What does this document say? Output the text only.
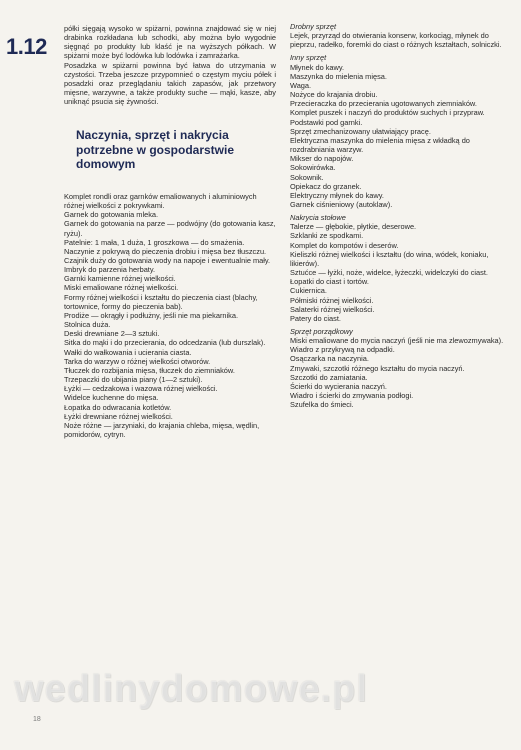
1.12

półki sięgają wysoko w spiżarni, powinna znajdować się w niej drabinka rozkładana lub schodki, aby można było wygodnie sięgnąć po produkty lub klaść je na wyższych półkach. W spiżarni może być lodówka lub lodówka i zamrażarka.

Posadzka w spiżarni powinna być łatwa do utrzymania w czystości. Trzeba jeszcze przypomnieć o częstym myciu półek i posadzki oraz przeglądaniu takich zapasów, jak przetwory mięsne, warzywne, a także produkty suche — mąki, kasze, aby uniknąć psucia się żywności.

Naczynia, sprzęt i nakrycia potrzebne w gospodarstwie domowym

Komplet rondli oraz garnków emaliowanych i aluminiowych różnej wielkości z pokrywkami.

Garnek do gotowania mleka.

Garnek do gotowania na parze — podwójny (do gotowania kasz, ryżu).

Patelnie: 1 mała, 1 duża, 1 groszkowa — do smażenia.

Naczynie z pokrywą do pieczenia drobiu i mięsa bez tłuszczu.

Czajnik duży do gotowania wody na napoje i ewentualnie mały.

Imbryk do parzenia herbaty.

Garnki kamienne różnej wielkości.

Miski emaliowane różnej wielkości.

Formy różnej wielkości i kształtu do pieczenia ciast (blachy, tortownice, formy do pieczenia bab).

Prodiże — okrągły i podłużny, jeśli nie ma piekarnika.

Stolnica duża.

Deski drewniane 2—3 sztuki.

Sitka do mąki i do przecierania, do odcedzania (lub durszlak).

Wałki do wałkowania i ucierania ciasta.

Tarka do warzyw o różnej wielkości otworów.

Tłuczek do rozbijania mięsa, tłuczek do ziemniaków.

Trzepaczki do ubijania piany (1—2 sztuki).

Łyżki — cedzakowa i wazowa różnej wielkości.

Widelce kuchenne do mięsa.

Łopatka do odwracania kotletów.

Łyżki drewniane różnej wielkości.

Noże różne — jarzyniaki, do krajania chleba, mięsa, wędlin, pomidorów, cytryn.

Drobny sprzęt

Lejek, przyrząd do otwierania konserw, korkociąg, młynek do pieprzu, radełko, foremki do ciast o różnych kształtach, solniczki.

Inny sprzęt

Młynek do kawy.

Maszynka do mielenia mięsa.

Waga.

Nożyce do krajania drobiu.

Przecieraczka do przecierania ugotowanych ziemniaków.

Komplet puszek i naczyń do produktów suchych i przypraw.

Podstawki pod garnki.

Sprzęt zmechanizowany ułatwiający pracę.

Elektryczna maszynka do mielenia mięsa z wkładką do rozdrabniania warzyw.

Mikser do napojów.

Sokowirówka.

Sokownik.

Opiekacz do grzanek.

Elektryczny młynek do kawy.

Garnek ciśnieniowy (autoklaw).

Nakrycia stołowe

Talerze — głębokie, płytkie, deserowe.

Szklanki ze spodkami.

Komplet do kompotów i deserów.

Kieliszki różnej wielkości i kształtu (do wina, wódek, koniaku, likierów).

Sztućce — łyżki, noże, widelce, łyżeczki, widelczyki do ciast.

Łopatki do ciast i tortów.

Cukiernica.

Półmiski różnej wielkości.

Salaterki różnej wielkości.

Patery do ciast.

Sprzęt porządkowy

Miski emaliowane do mycia naczyń (jeśli nie ma zlewozmywaka).

Wiadro z przykrywą na odpadki.

Osączarka na naczynia.

Zmywaki, szczotki różnego kształtu do mycia naczyń.

Szczotki do zamiatania.

Ścierki do wycierania naczyń.

Wiadro i ścierki do zmywania podłogi.

Szufelka do śmieci.

wedlinydomowe.pl
18
